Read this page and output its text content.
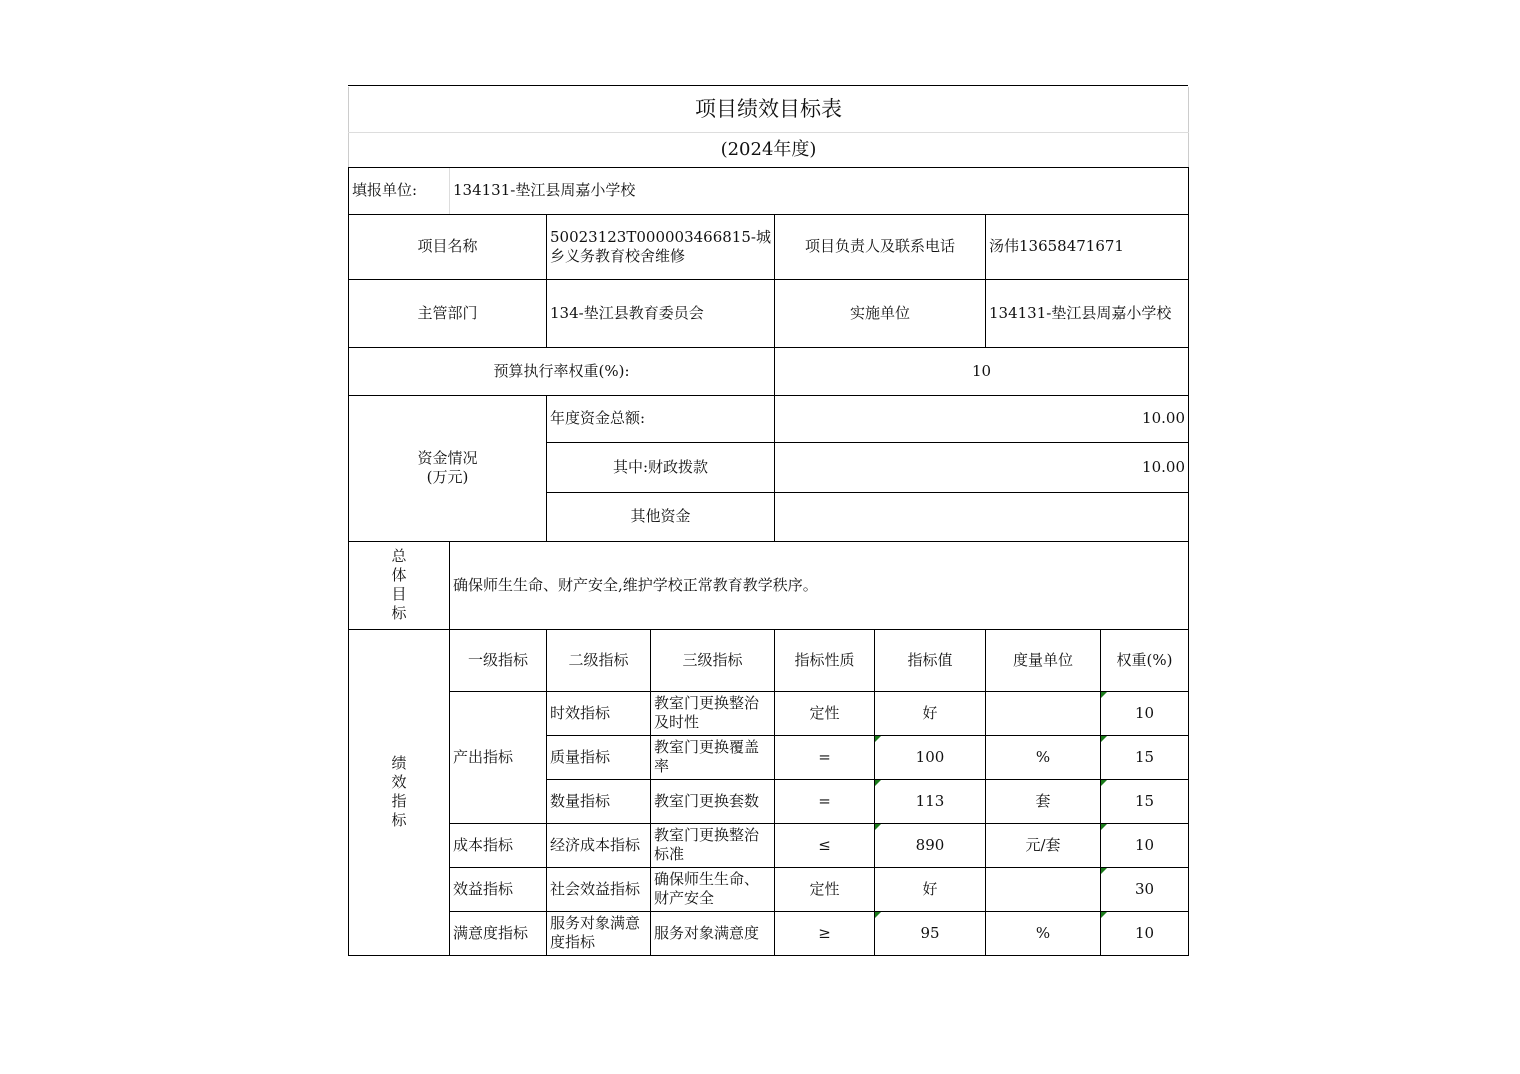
项目绩效目标表							
(2024年度)							
填报单位:	134131-垫江县周嘉小学校						
项目名称		50023123T000003466815-城乡义务教育校舍维修		项目负责人及联系电话		汤伟13658471671	
主管部门		134-垫江县教育委员会		实施单位		134131-垫江县周嘉小学校	
预算执行率权重(%):				10			
资金情况
(万元)		年度资金总额:		10.00			
		其中:财政拨款		10.00			
		其他资金					

总
体
目
标	确保师生生命、财产安全,维护学校正常教育教学秩序。						

绩
效
指
标	一级指标	二级指标	三级指标	指标性质	指标值	度量单位	权重(%)
	产出指标	时效指标	教室门更换整治及时性	定性	好		10
		质量指标	教室门更换覆盖率	=	100	%	15
		数量指标	教室门更换套数	=	113	套	15
	成本指标	经济成本指标	教室门更换整治标准	≤	890	元/套	10
	效益指标	社会效益指标	确保师生生命、财产安全	定性	好		30
	满意度指标	服务对象满意度指标	服务对象满意度	≥	95	%	10
